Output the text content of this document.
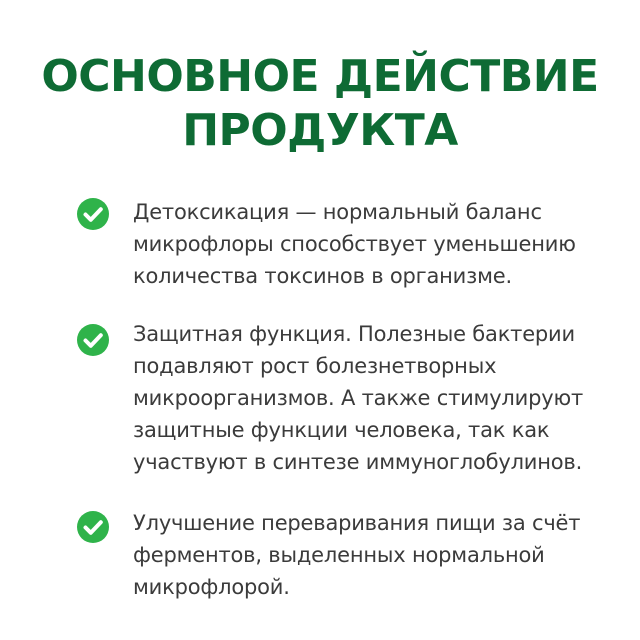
ОСНОВНОЕ ДЕЙСТВИЕ
ПРОДУКТА
Детоксикация — нормальный баланс
микрофлоры способствует уменьшению
количества токсинов в организме.
Защитная функция. Полезные бактерии
подавляют рост болезнетворных
микроорганизмов. А также стимулируют
защитные функции человека, так как
участвуют в синтезе иммуноглобулинов.
Улучшение переваривания пищи за счёт
ферментов, выделенных нормальной
микрофлорой.
